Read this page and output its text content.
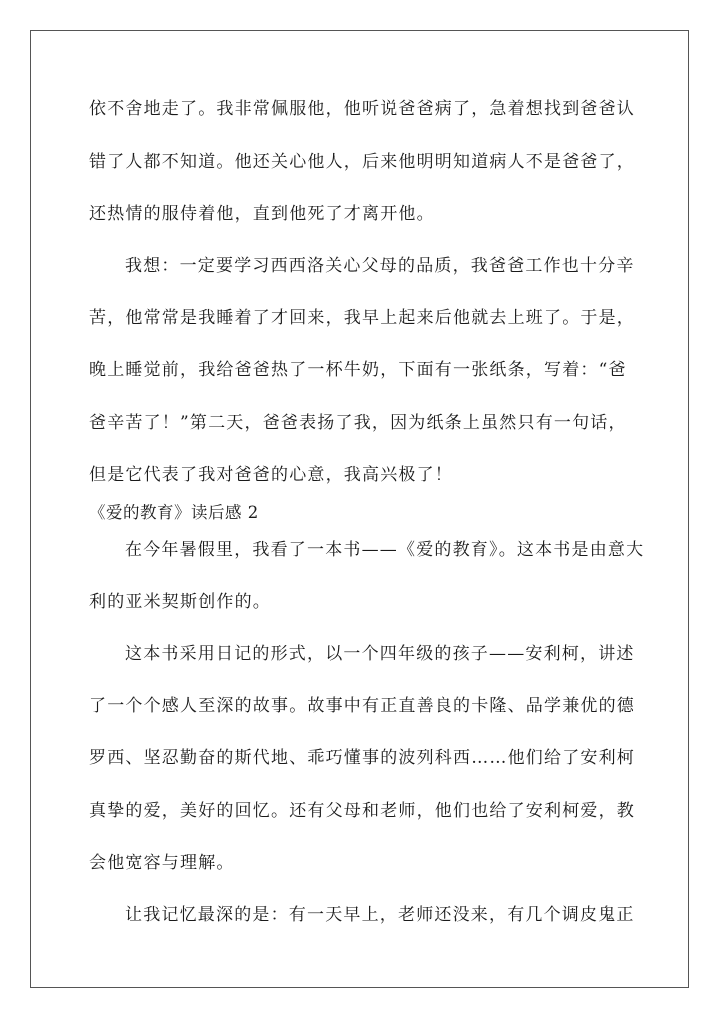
依不舍地走了。我非常佩服他，他听说爸爸病了，急着想找到爸爸认
错了人都不知道。他还关心他人，后来他明明知道病人不是爸爸了，
还热情的服侍着他，直到他死了才离开他。
我想：一定要学习西西洛关心父母的品质，我爸爸工作也十分辛
苦，他常常是我睡着了才回来，我早上起来后他就去上班了。于是，
晚上睡觉前，我给爸爸热了一杯牛奶，下面有一张纸条，写着：“爸
爸辛苦了！”第二天，爸爸表扬了我，因为纸条上虽然只有一句话，
但是它代表了我对爸爸的心意，我高兴极了！
《爱的教育》读后感 2
在今年暑假里，我看了一本书——《爱的教育》。这本书是由意大
利的亚米契斯创作的。
这本书采用日记的形式，以一个四年级的孩子——安利柯，讲述
了一个个感人至深的故事。故事中有正直善良的卡隆、品学兼优的德
罗西、坚忍勤奋的斯代地、乖巧懂事的波列科西……他们给了安利柯
真挚的爱，美好的回忆。还有父母和老师，他们也给了安利柯爱，教
会他宽容与理解。
让我记忆最深的是：有一天早上，老师还没来，有几个调皮鬼正
